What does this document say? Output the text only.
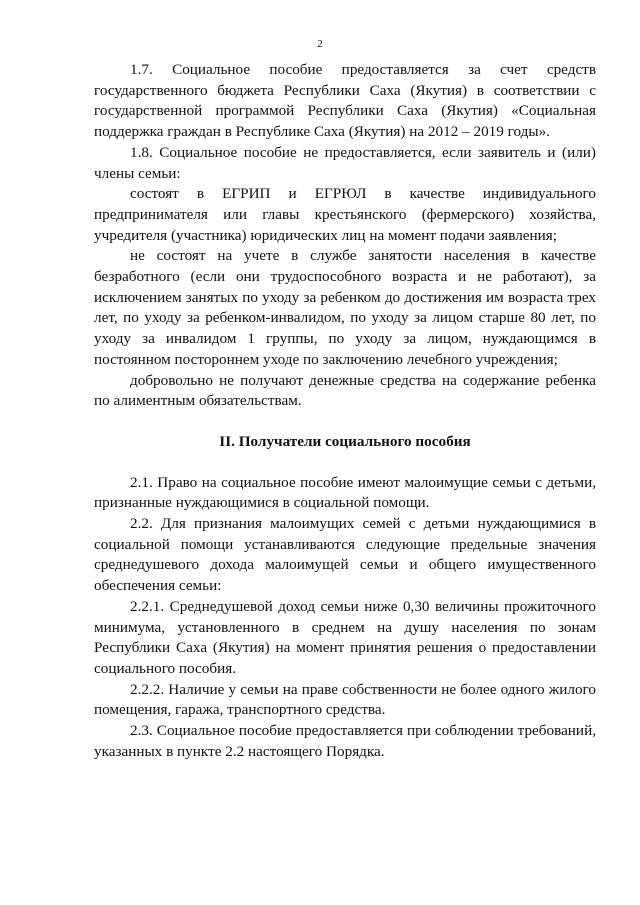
2

1.7. Социальное пособие предоставляется за счет средств государственного бюджета Республики Саха (Якутия) в соответствии с государственной программой Республики Саха (Якутия) «Социальная поддержка граждан в Республике Саха (Якутия) на 2012 – 2019 годы».

1.8. Социальное пособие не предоставляется, если заявитель и (или) члены семьи:

состоят в ЕГРИП и ЕГРЮЛ в качестве индивидуального предпринимателя или главы крестьянского (фермерского) хозяйства, учредителя (участника) юридических лиц на момент подачи заявления;

не состоят на учете в службе занятости населения в качестве безработного (если они трудоспособного возраста и не работают), за исключением занятых по уходу за ребенком до достижения им возраста трех лет, по уходу за ребенком-инвалидом, по уходу за лицом старше 80 лет, по уходу за инвалидом 1 группы, по уходу за лицом, нуждающимся в постоянном постороннем уходе по заключению лечебного учреждения;

добровольно не получают денежные средства на содержание ребенка по алиментным обязательствам.

II. Получатели социального пособия

2.1. Право на социальное пособие имеют малоимущие семьи с детьми, признанные нуждающимися в социальной помощи.

2.2. Для признания малоимущих семей с детьми нуждающимися в социальной помощи устанавливаются следующие предельные значения среднедушевого дохода малоимущей семьи и общего имущественного обеспечения семьи:

2.2.1. Среднедушевой доход семьи ниже 0,30 величины прожиточного минимума, установленного в среднем на душу населения по зонам Республики Саха (Якутия) на момент принятия решения о предоставлении социального пособия.

2.2.2. Наличие у семьи на праве собственности не более одного жилого помещения, гаража, транспортного средства.

2.3. Социальное пособие предоставляется при соблюдении требований, указанных в пункте 2.2 настоящего Порядка.
